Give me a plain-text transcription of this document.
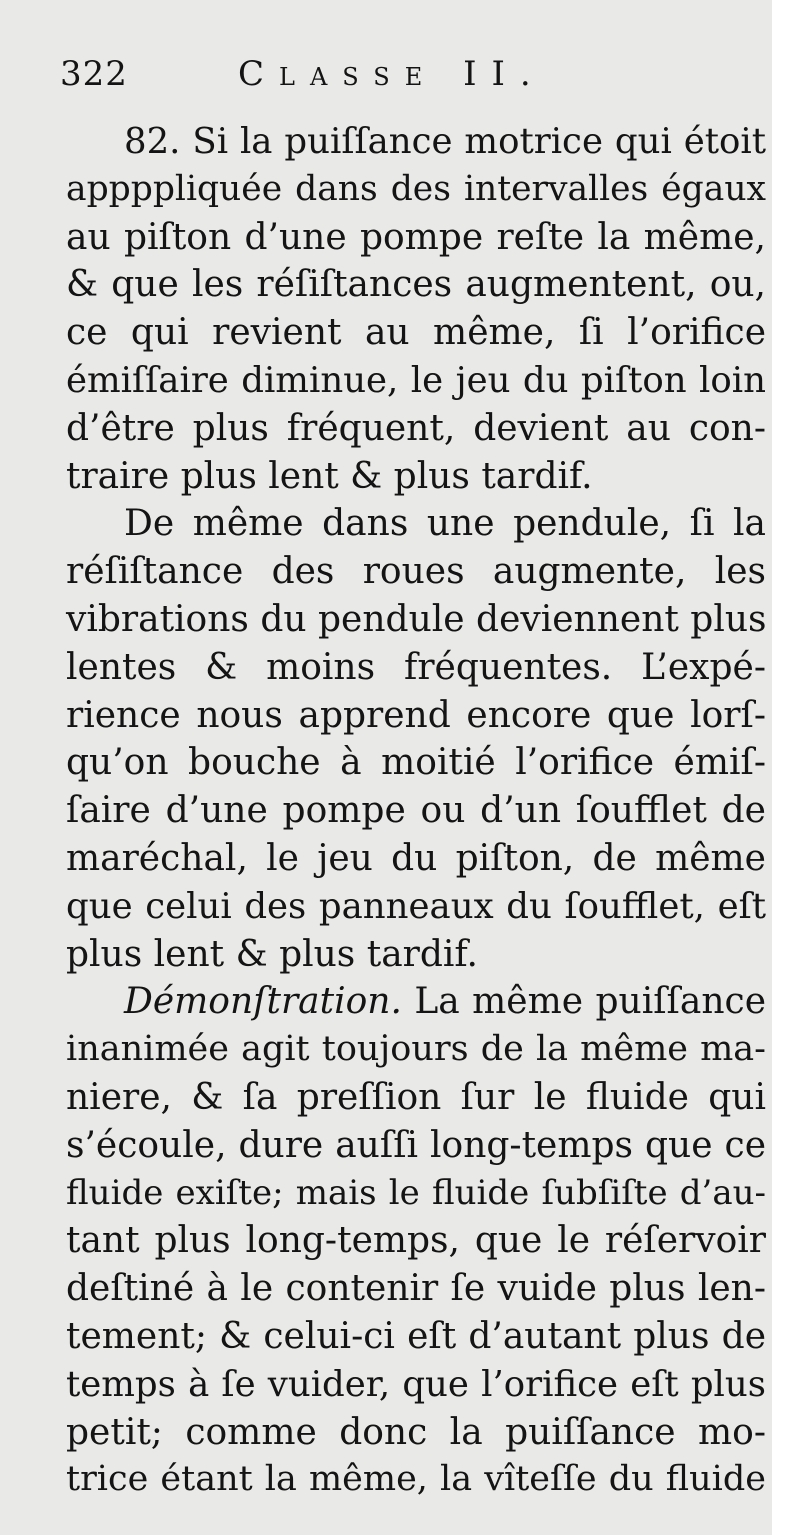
322	Classe II.
82. Si la puiſſance motrice qui étoit
appppliquée dans des intervalles égaux
au piſton d’une pompe reſte la même,
& que les réſiſtances augmentent, ou,
ce qui revient au même, ſi l’orifice
émiſſaire diminue, le jeu du piſton loin
d’être plus fréquent, devient au con-
traire plus lent & plus tardif.
De même dans une pendule, ſi la
réſiſtance des roues augmente, les
vibrations du pendule deviennent plus
lentes & moins fréquentes. L’expé-
rience nous apprend encore que lorſ-
qu’on bouche à moitié l’orifice émiſ-
ſaire d’une pompe ou d’un ſoufflet de
maréchal, le jeu du piſton, de même
que celui des panneaux du ſoufflet, eſt
plus lent & plus tardif.
Démonſtration. La même puiſſance
inanimée agit toujours de la même ma-
niere, & ſa preſſion ſur le fluide qui
s’écoule, dure auſſi long-temps que ce
fluide exiſte; mais le fluide ſubſiſte d’au-
tant plus long-temps, que le réſervoir
deſtiné à le contenir ſe vuide plus len-
tement; & celui-ci eſt d’autant plus de
temps à ſe vuider, que l’orifice eſt plus
petit; comme donc la puiſſance mo-
trice étant la même, la vîteſſe du fluide
